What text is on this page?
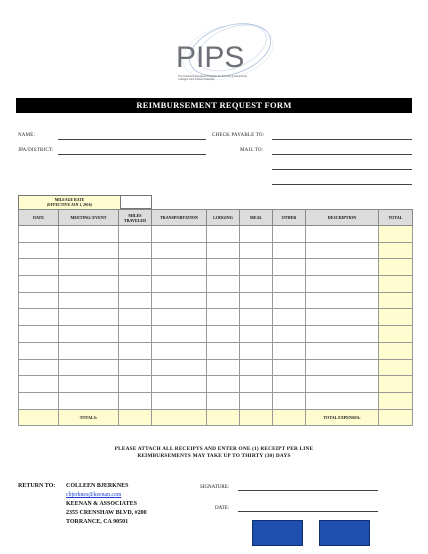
PIPS
The Protected Insurance Program for Schools & Community Colleges Joint Powers Authority
REIMBURSEMENT REQUEST FORM
NAME:	CHECK PAYABLE TO:
JPA/DISTRICT:	MAIL TO:
MILEAGE RATE
(EFFECTIVE JAN 1, 2016)
DATE	MEETING/ EVENT	MILES TRAVELED	TRANSPORTATION	LODGING	MEAL	OTHER	DESCRIPTION	TOTAL

	TOTALS:						TOTAL EXPENSES:	
PLEASE ATTACH ALL RECEIPTS AND ENTER ONE (1) RECEIPT PER LINE
REIMBURSEMENTS MAY TAKE UP TO THIRTY (30) DAYS
RETURN TO: COLLEEN BJERKNES
cbjerknes@keenan.com
KEENAN & ASSOCIATES
2355 CRENSHAW BLVD, #200
TORRANCE, CA 90501
SIGNATURE:
DATE:
